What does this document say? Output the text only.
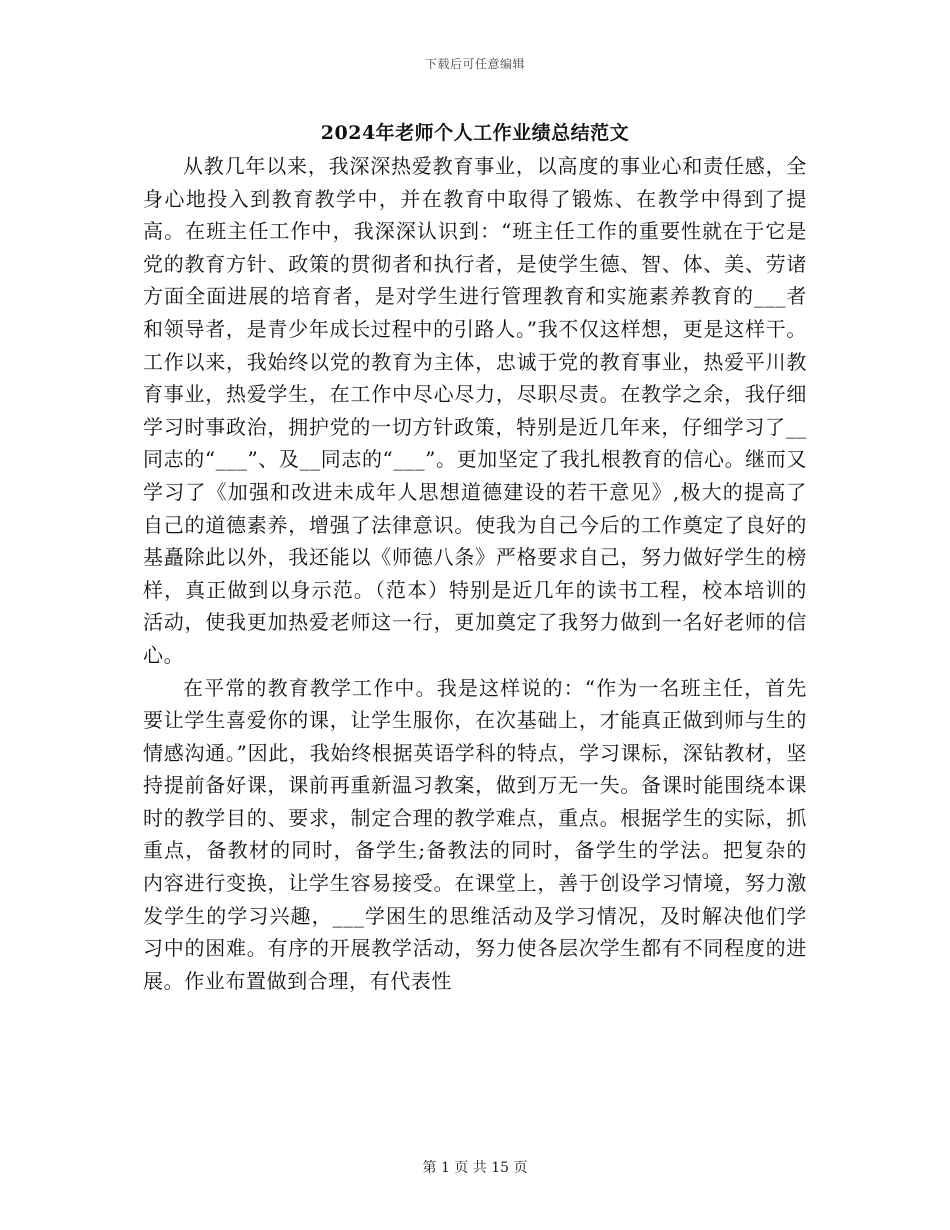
下载后可任意编辑
2024年老师个人工作业绩总结范文

从教几年以来，我深深热爱教育事业，以高度的事业心和责任感，全身心地投入到教育教学中，并在教育中取得了锻炼、在教学中得到了提高。在班主任工作中，我深深认识到：“班主任工作的重要性就在于它是党的教育方针、政策的贯彻者和执行者，是使学生德、智、体、美、劳诸方面全面进展的培育者，是对学生进行管理教育和实施素养教育的___者和领导者，是青少年成长过程中的引路人。”我不仅这样想，更是这样干。工作以来，我始终以党的教育为主体，忠诚于党的教育事业，热爱平川教育事业，热爱学生，在工作中尽心尽力，尽职尽责。在教学之余，我仔细学习时事政治，拥护党的一切方针政策，特别是近几年来，仔细学习了__同志的“___”、及__同志的“___”。更加坚定了我扎根教育的信心。继而又学习了《加强和改进未成年人思想道德建设的若干意见》,极大的提高了自己的道德素养，增强了法律意识。使我为自己今后的工作奠定了良好的基矗除此以外，我还能以《师德八条》严格要求自己，努力做好学生的榜样，真正做到以身示范。（范本）特别是近几年的读书工程，校本培训的活动，使我更加热爱老师这一行，更加奠定了我努力做到一名好老师的信心。

在平常的教育教学工作中。我是这样说的：“作为一名班主任，首先要让学生喜爱你的课，让学生服你，在次基础上，才能真正做到师与生的情感沟通。”因此，我始终根据英语学科的特点，学习课标，深钻教材，坚持提前备好课，课前再重新温习教案，做到万无一失。备课时能围绕本课时的教学目的、要求，制定合理的教学难点，重点。根据学生的实际，抓重点，备教材的同时，备学生;备教法的同时，备学生的学法。把复杂的内容进行变换，让学生容易接受。在课堂上，善于创设学习情境，努力激发学生的学习兴趣，___学困生的思维活动及学习情况，及时解决他们学习中的困难。有序的开展教学活动，努力使各层次学生都有不同程度的进展。作业布置做到合理，有代表性

第 1 页 共 15 页
